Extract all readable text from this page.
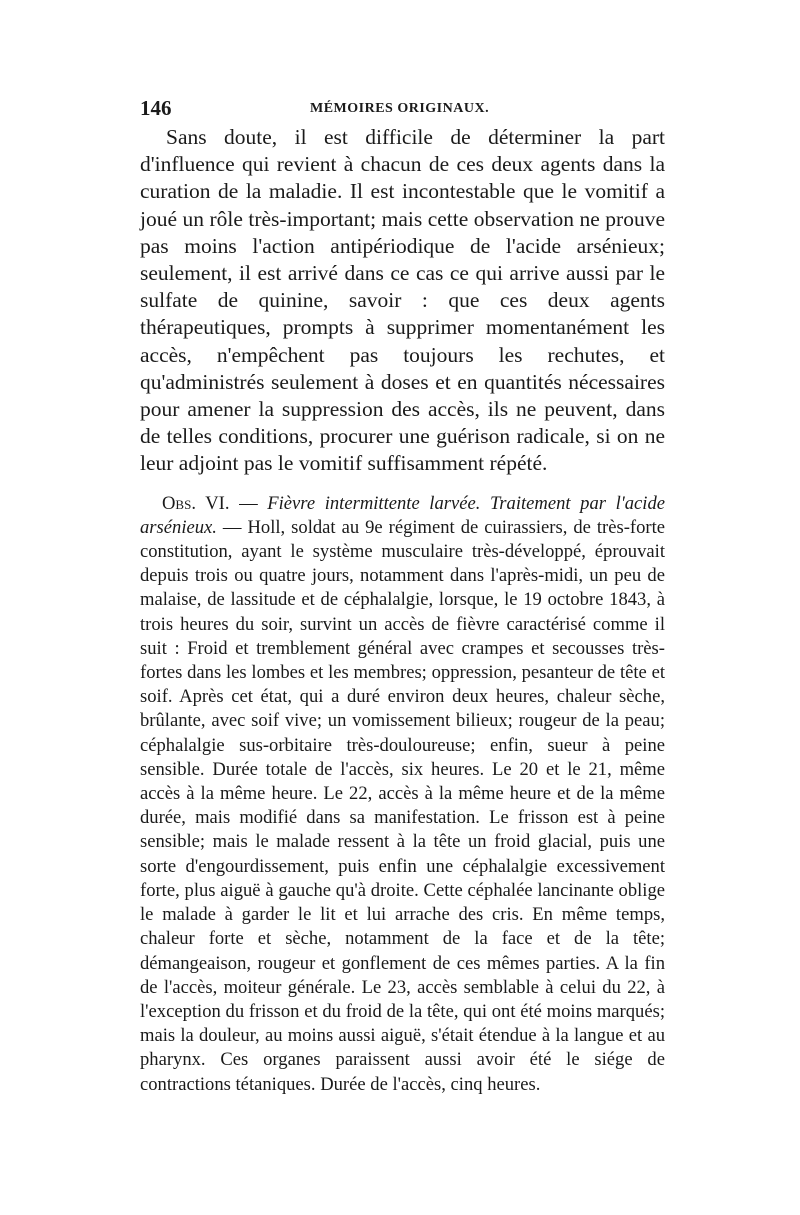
146	MÉMOIRES ORIGINAUX.

Sans doute, il est difficile de déterminer la part d'influence qui revient à chacun de ces deux agents dans la curation de la maladie. Il est incontestable que le vomitif a joué un rôle très-important; mais cette observation ne prouve pas moins l'action antipériodique de l'acide arsénieux; seulement, il est arrivé dans ce cas ce qui arrive aussi par le sulfate de quinine, savoir : que ces deux agents thérapeutiques, prompts à supprimer momentanément les accès, n'empêchent pas toujours les rechutes, et qu'administrés seulement à doses et en quantités nécessaires pour amener la suppression des accès, ils ne peuvent, dans de telles conditions, procurer une guérison radicale, si on ne leur adjoint pas le vomitif suffisamment répété.

Obs. VI. — Fièvre intermittente larvée. Traitement par l'acide arsénieux. — Holl, soldat au 9e régiment de cuirassiers, de très-forte constitution, ayant le système musculaire très-développé, éprouvait depuis trois ou quatre jours, notamment dans l'après-midi, un peu de malaise, de lassitude et de céphalalgie, lorsque, le 19 octobre 1843, à trois heures du soir, survint un accès de fièvre caractérisé comme il suit : Froid et tremblement général avec crampes et secousses très-fortes dans les lombes et les membres; oppression, pesanteur de tête et soif. Après cet état, qui a duré environ deux heures, chaleur sèche, brûlante, avec soif vive; un vomissement bilieux; rougeur de la peau; céphalalgie sus-orbitaire très-douloureuse; enfin, sueur à peine sensible. Durée totale de l'accès, six heures. Le 20 et le 21, même accès à la même heure. Le 22, accès à la même heure et de la même durée, mais modifié dans sa manifestation. Le frisson est à peine sensible; mais le malade ressent à la tête un froid glacial, puis une sorte d'engourdissement, puis enfin une céphalalgie excessivement forte, plus aiguë à gauche qu'à droite. Cette céphalée lancinante oblige le malade à garder le lit et lui arrache des cris. En même temps, chaleur forte et sèche, notamment de la face et de la tête; démangeaison, rougeur et gonflement de ces mêmes parties. A la fin de l'accès, moiteur générale. Le 23, accès semblable à celui du 22, à l'exception du frisson et du froid de la tête, qui ont été moins marqués; mais la douleur, au moins aussi aiguë, s'était étendue à la langue et au pharynx. Ces organes paraissent aussi avoir été le siége de contractions tétaniques. Durée de l'accès, cinq heures.
